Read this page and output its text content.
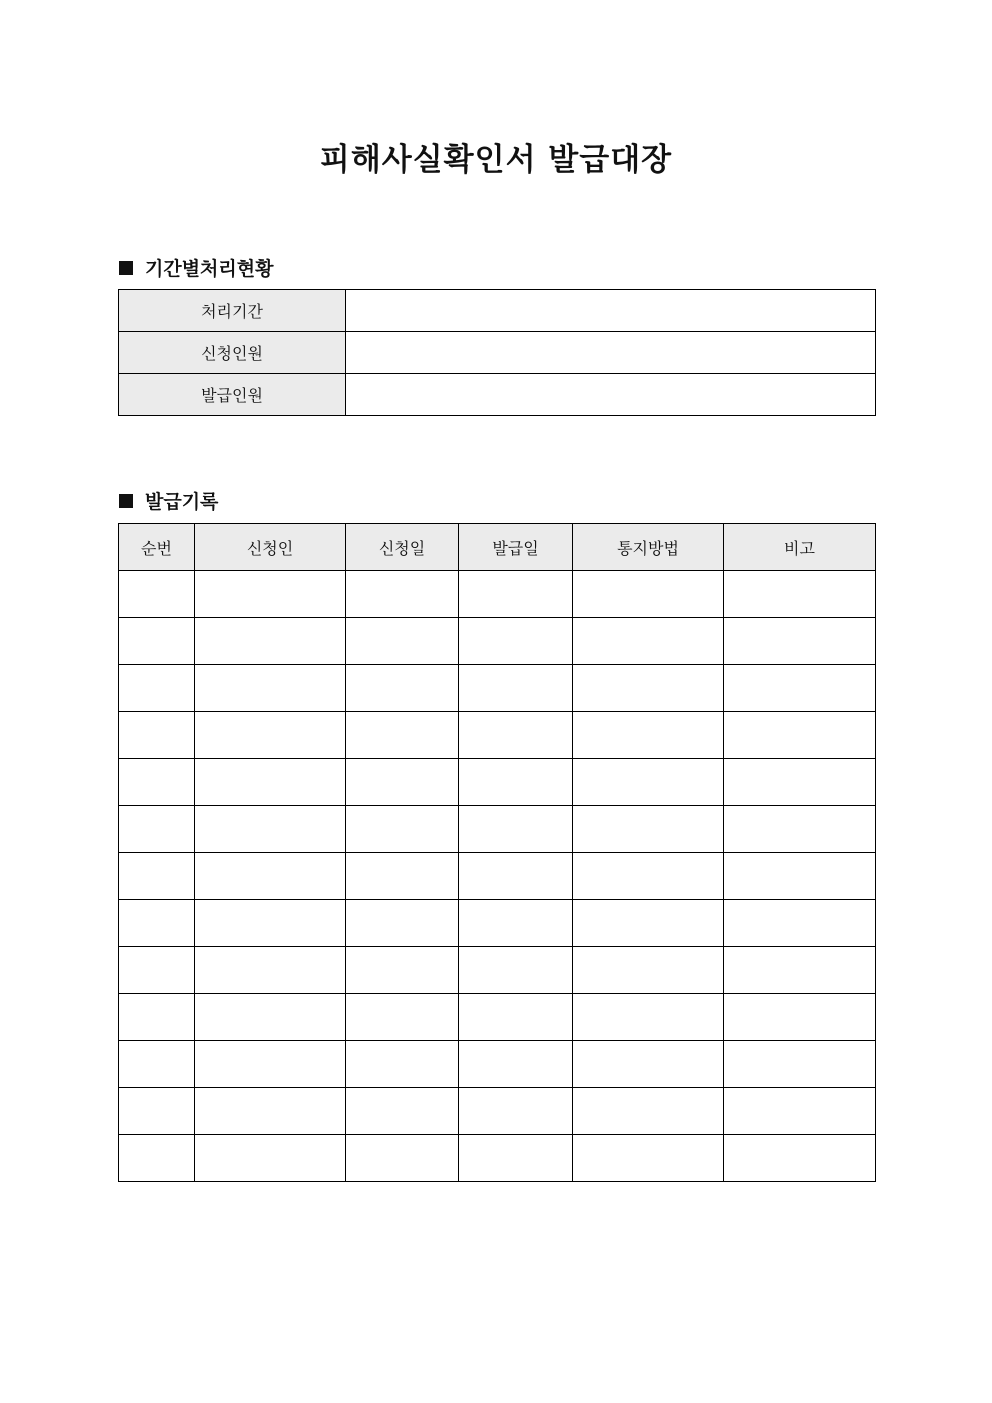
피해사실확인서 발급대장
기간별처리현황
처리기간	
신청인원	
발급인원	
발급기록
순번	신청인	신청일	발급일	통지방법	비고
